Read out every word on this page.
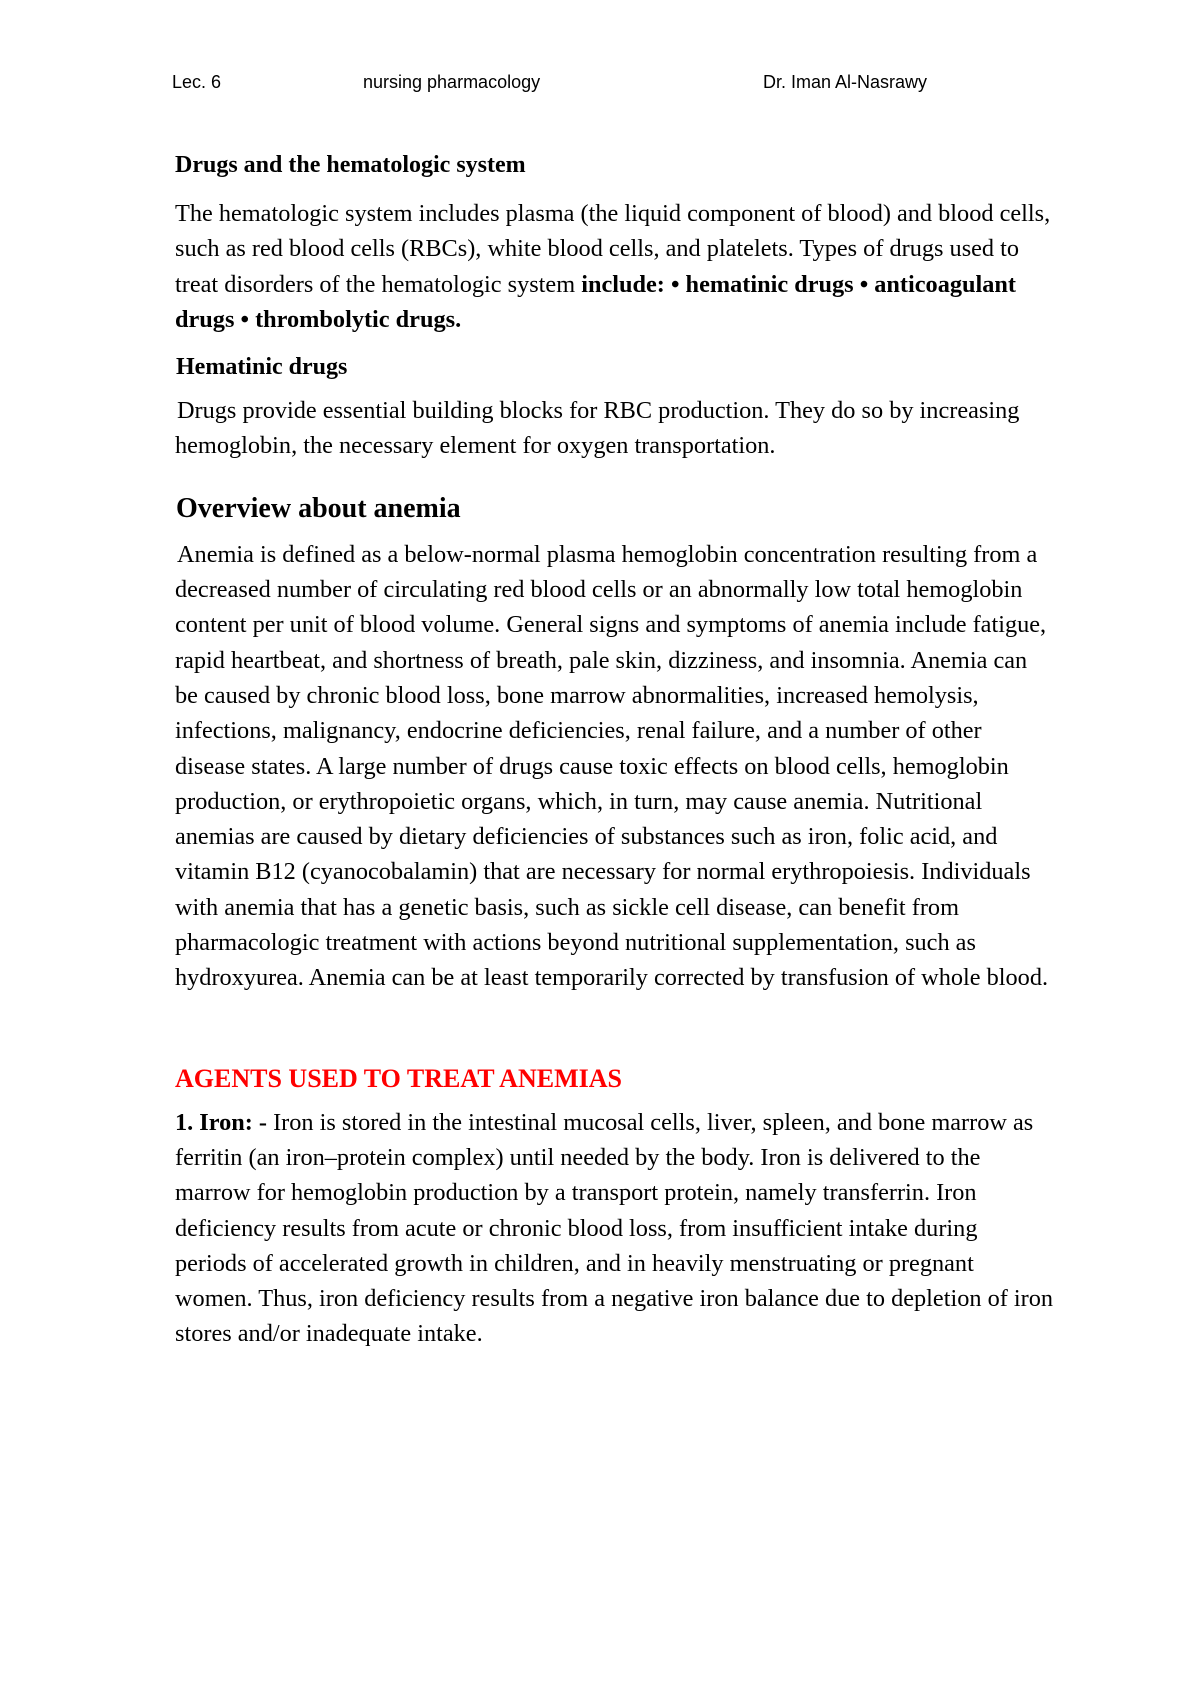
Lec. 6	nursing pharmacology	Dr. Iman Al-Nasrawy
Drugs and the hematologic system

The hematologic system includes plasma (the liquid component of blood) and blood cells, such as red blood cells (RBCs), white blood cells, and platelets. Types of drugs used to treat disorders of the hematologic system include: • hematinic drugs • anticoagulant drugs • thrombolytic drugs.

Hematinic drugs

Drugs provide essential building blocks for RBC production. They do so by increasing hemoglobin, the necessary element for oxygen transportation.

Overview about anemia

Anemia is defined as a below-normal plasma hemoglobin concentration resulting from a decreased number of circulating red blood cells or an abnormally low total hemoglobin content per unit of blood volume. General signs and symptoms of anemia include fatigue, rapid heartbeat, and shortness of breath, pale skin, dizziness, and insomnia. Anemia can be caused by chronic blood loss, bone marrow abnormalities, increased hemolysis, infections, malignancy, endocrine deficiencies, renal failure, and a number of other disease states. A large number of drugs cause toxic effects on blood cells, hemoglobin production, or erythropoietic organs, which, in turn, may cause anemia. Nutritional anemias are caused by dietary deficiencies of substances such as iron, folic acid, and vitamin B12 (cyanocobalamin) that are necessary for normal erythropoiesis. Individuals with anemia that has a genetic basis, such as sickle cell disease, can benefit from pharmacologic treatment with actions beyond nutritional supplementation, such as hydroxyurea. Anemia can be at least temporarily corrected by transfusion of whole blood.

AGENTS USED TO TREAT ANEMIAS

1. Iron: - Iron is stored in the intestinal mucosal cells, liver, spleen, and bone marrow as ferritin (an iron–protein complex) until needed by the body. Iron is delivered to the marrow for hemoglobin production by a transport protein, namely transferrin. Iron deficiency results from acute or chronic blood loss, from insufficient intake during periods of accelerated growth in children, and in heavily menstruating or pregnant women. Thus, iron deficiency results from a negative iron balance due to depletion of iron stores and/or inadequate intake.
